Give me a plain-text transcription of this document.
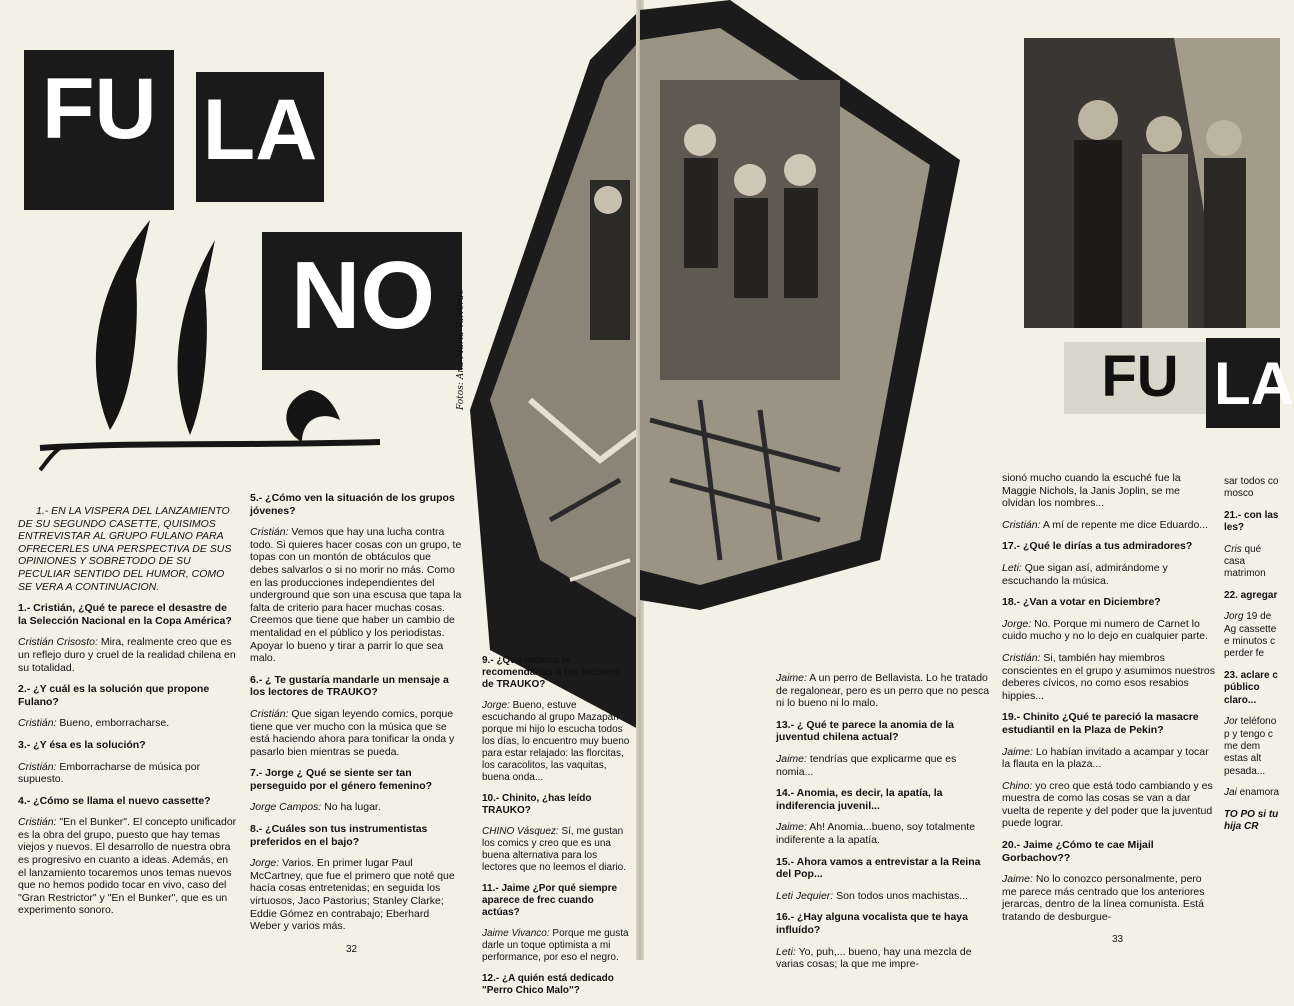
FU LA
NO	Fotos: Ana María Valverde

1.- EN LA VISPERA DEL LANZAMIENTO DE SU SEGUNDO CASETTE, QUISIMOS ENTREVISTAR AL GRUPO FULANO PARA OFRECERLES UNA PERSPECTIVA DE SUS OPINIONES Y SOBRETODO DE SU PECULIAR SENTIDO DEL HUMOR, COMO SE VERA A CONTINUACION.

1.- Cristián, ¿Qué te parece el desastre de la Selección Nacional en la Copa América?

Cristián Crisosto: Mira, realmente creo que es un reflejo duro y cruel de la realidad chilena en su totalidad.

2.- ¿Y cuál es la solución que propone Fulano?

Cristián: Bueno, emborracharse.

3.- ¿Y ésa es la solución?

Cristián: Emborracharse de música por supuesto.

4.- ¿Cómo se llama el nuevo cassette?

Cristián: "En el Bunker". El concepto unificador es la obra del grupo, puesto que hay temas viejos y nuevos. El desarrollo de nuestra obra es progresivo en cuanto a ideas. Además, en el lanzamiento tocaremos unos temas nuevos que no hemos podido tocar en vivo, caso del "Gran Restrictor" y "En el Bunker", que es un experimento sonoro.

5.- ¿Cómo ven la situación de los grupos jóvenes?

Cristián: Vemos que hay una lucha contra todo. Si quieres hacer cosas con un grupo, te topas con un montón de obtáculos que debes salvarlos o si no morir no más. Como en las producciones independientes del underground que son una escusa que tapa la falta de criterio para hacer muchas cosas. Creemos que tiene que haber un cambio de mentalidad en el público y los periodistas. Apoyar lo bueno y tirar a parrir lo que sea malo.

6.- ¿ Te gustaría mandarle un mensaje a los lectores de TRAUKO?

Cristián: Que sigan leyendo comics, porque tiene que ver mucho con la música que se está haciendo ahora para tonificar la onda y pasarlo bien mientras se pueda.

7.- Jorge ¿ Qué se siente ser tan perseguido por el género femenino?

Jorge Campos: No ha lugar.

8.- ¿Cuáles son tus instrumentistas preferidos en el bajo?

Jorge: Varios. En primer lugar Paul McCartney, que fue el primero que noté que hacía cosas entretenidas; en seguida los virtuosos, Jaco Pastorius; Stanley Clarke; Eddie Gómez en contrabajo; Eberhard Weber y varios más.

9.- ¿Qué música le recomendarías a los lectores de TRAUKO?

Jorge: Bueno, estuve escuchando al grupo Mazapán porque mi hijo lo escucha todos los días, lo encuentro muy bueno para estar relajado: las florcitas, los caracolitos, las vaquitas, buena onda...

10.- Chinito, ¿has leído TRAUKO?

CHINO Vásquez: Sí, me gustan los comics y creo que es una buena alternativa para los lectores que no leemos el diario.

11.- Jaime ¿Por qué siempre aparece de frec cuando actúas?

Jaime Vivanco: Porque me gusta darle un toque optimista a mi performance, por eso el negro.

12.- ¿A quién está dedicado "Perro Chico Malo"?

32
FU LA

Jaime: A un perro de Bellavista. Lo he tratado de regalonear, pero es un perro que no pesca ni lo bueno ni lo malo.

13.- ¿ Qué te parece la anomia de la juventud chilena actual?

Jaime: tendrías que explicarme que es nomia...

14.- Anomia, es decir, la apatía, la indiferencia juvenil...

Jaime: Ah! Anomia...bueno, soy totalmente indiferente a la apatía.

15.- Ahora vamos a entrevistar a la Reina del Pop...

Leti Jequier: Son todos unos machistas...

16.- ¿Hay alguna vocalista que te haya influído?

Leti: Yo, puh,... bueno, hay una mezcla de varias cosas; la que me impre-

sionó mucho cuando la escuché fue la Maggie Nichols, la Janis Joplin, se me olvidan los nombres...

Cristián: A mí de repente me dice Eduardo...

17.- ¿Qué le dirías a tus admiradores?

Leti: Que sigan así, admirándome y escuchando la música.

18.- ¿Van a votar en Diciembre?

Jorge: No. Porque mi numero de Carnet lo cuido mucho y no lo dejo en cualquier parte.

Cristián: Si, también hay miembros conscientes en el grupo y asumimos nuestros deberes cívicos, no como esos resabios hippies...

19.- Chinito ¿Qué te pareció la masacre estudiantil en la Plaza de Pekin?

Jaime: Lo habían invitado a acampar y tocar la flauta en la plaza...

Chino: yo creo que está todo cambiando y es muestra de como las cosas se van a dar vuelta de repente y del poder que la juventud puede lograr.

20.- Jaime ¿Cómo te cae Mijail Gorbachov??

Jaime: No lo conozco personalmente, pero me parece más centrado que los anteriores jerarcas, dentro de la línea comunista. Está tratando de desburgue-

sar todos co mosco

21.- con las les?

Cris qué casa matrimon

22. agregar

Jorg 19 de Ag cassette e minutos c perder fe

23. aclare c público claro...

Jor teléfono p y tengo c me dem estas alt pesada...

Jai enamora

TO PO si tu hija CR

33
